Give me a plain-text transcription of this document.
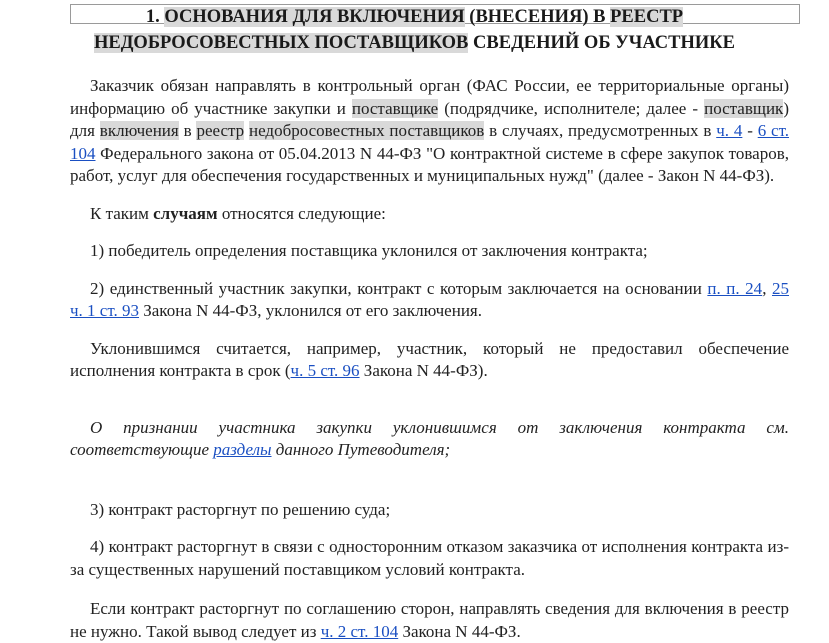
1. ОСНОВАНИЯ ДЛЯ ВКЛЮЧЕНИЯ (ВНЕСЕНИЯ) В РЕЕСТР
НЕДОБРОСОВЕСТНЫХ ПОСТАВЩИКОВ СВЕДЕНИЙ ОБ УЧАСТНИКЕ

Заказчик обязан направлять в контрольный орган (ФАС России, ее территориальные органы) информацию об участнике закупки и поставщике (подрядчике, исполнителе; далее - поставщик) для включения в реестр недобросовестных поставщиков в случаях, предусмотренных в ч. 4 - 6 ст. 104 Федерального закона от 05.04.2013 N 44-ФЗ "О контрактной системе в сфере закупок товаров, работ, услуг для обеспечения государственных и муниципальных нужд" (далее - Закон N 44-ФЗ).

К таким случаям относятся следующие:

1) победитель определения поставщика уклонился от заключения контракта;

2) единственный участник закупки, контракт с которым заключается на основании п. п. 24, 25 ч. 1 ст. 93 Закона N 44-ФЗ, уклонился от его заключения.

Уклонившимся считается, например, участник, который не предоставил обеспечение исполнения контракта в срок (ч. 5 ст. 96 Закона N 44-ФЗ).

О признании участника закупки уклонившимся от заключения контракта см. соответствующие разделы данного Путеводителя;

3) контракт расторгнут по решению суда;

4) контракт расторгнут в связи с односторонним отказом заказчика от исполнения контракта из-за существенных нарушений поставщиком условий контракта.

Если контракт расторгнут по соглашению сторон, направлять сведения для включения в реестр не нужно. Такой вывод следует из ч. 2 ст. 104 Закона N 44-ФЗ.
